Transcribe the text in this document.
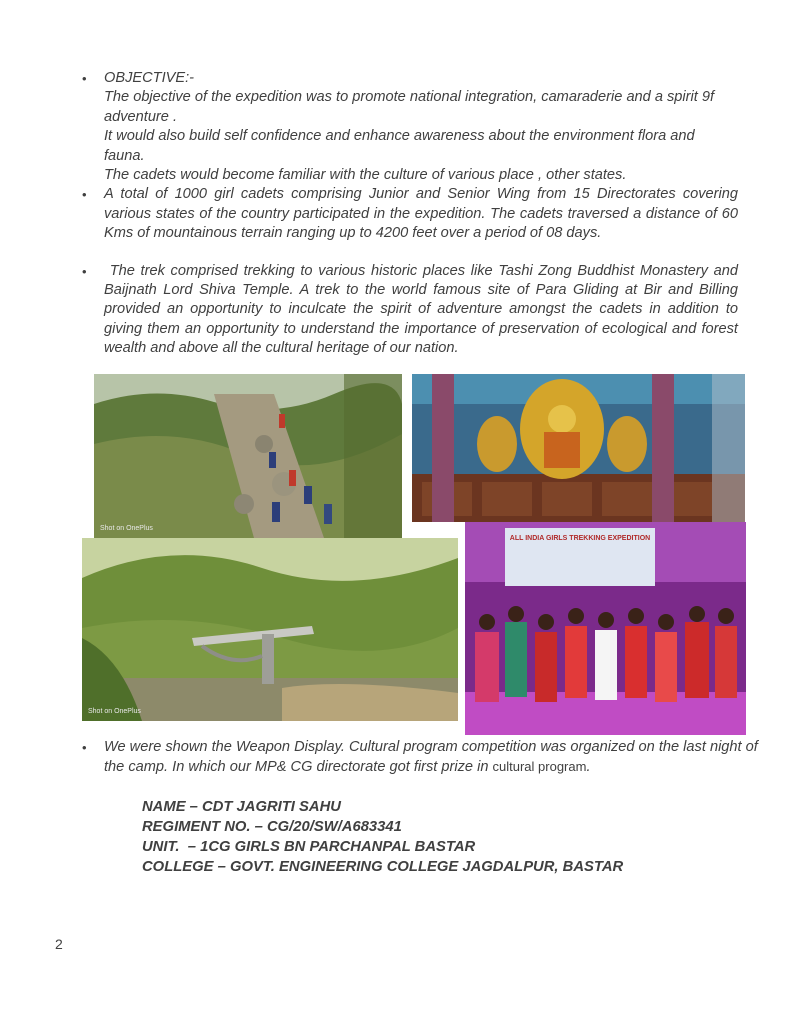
• OBJECTIVE:-

The objective of the expedition was to promote national integration, camaraderie and a spirit 9f adventure .

It would also build self confidence and enhance awareness about the environment flora and fauna.

The cadets would become familiar with the culture of various place , other states.

• A total of 1000 girl cadets comprising Junior and Senior Wing from 15 Directorates covering various states of the country participated in the expedition. The cadets traversed a distance of 60 Kms of mountainous terrain ranging up to 4200 feet over a period of 08 days.

•  The trek comprised trekking to various historic places like Tashi Zong Buddhist Monastery and Baijnath Lord Shiva Temple. A trek to the world famous site of Para Gliding at Bir and Billing provided an opportunity to inculcate the spirit of adventure amongst the cadets in addition to giving them an opportunity to understand the importance of preservation of ecological and forest wealth and above all the cultural heritage of our nation.

Shot on OnePlus
Shot on OnePlus
ALL INDIA GIRLS TREKKING EXPEDITION

• We were shown the Weapon Display. Cultural program competition was organized on the last night of the camp. In which our MP& CG directorate got first prize in cultural program.

NAME – CDT JAGRITI SAHU
REGIMENT NO. – CG/20/SW/A683341
UNIT.  – 1CG GIRLS BN PARCHANPAL BASTAR
COLLEGE – GOVT. ENGINEERING COLLEGE JAGDALPUR, BASTAR
2
